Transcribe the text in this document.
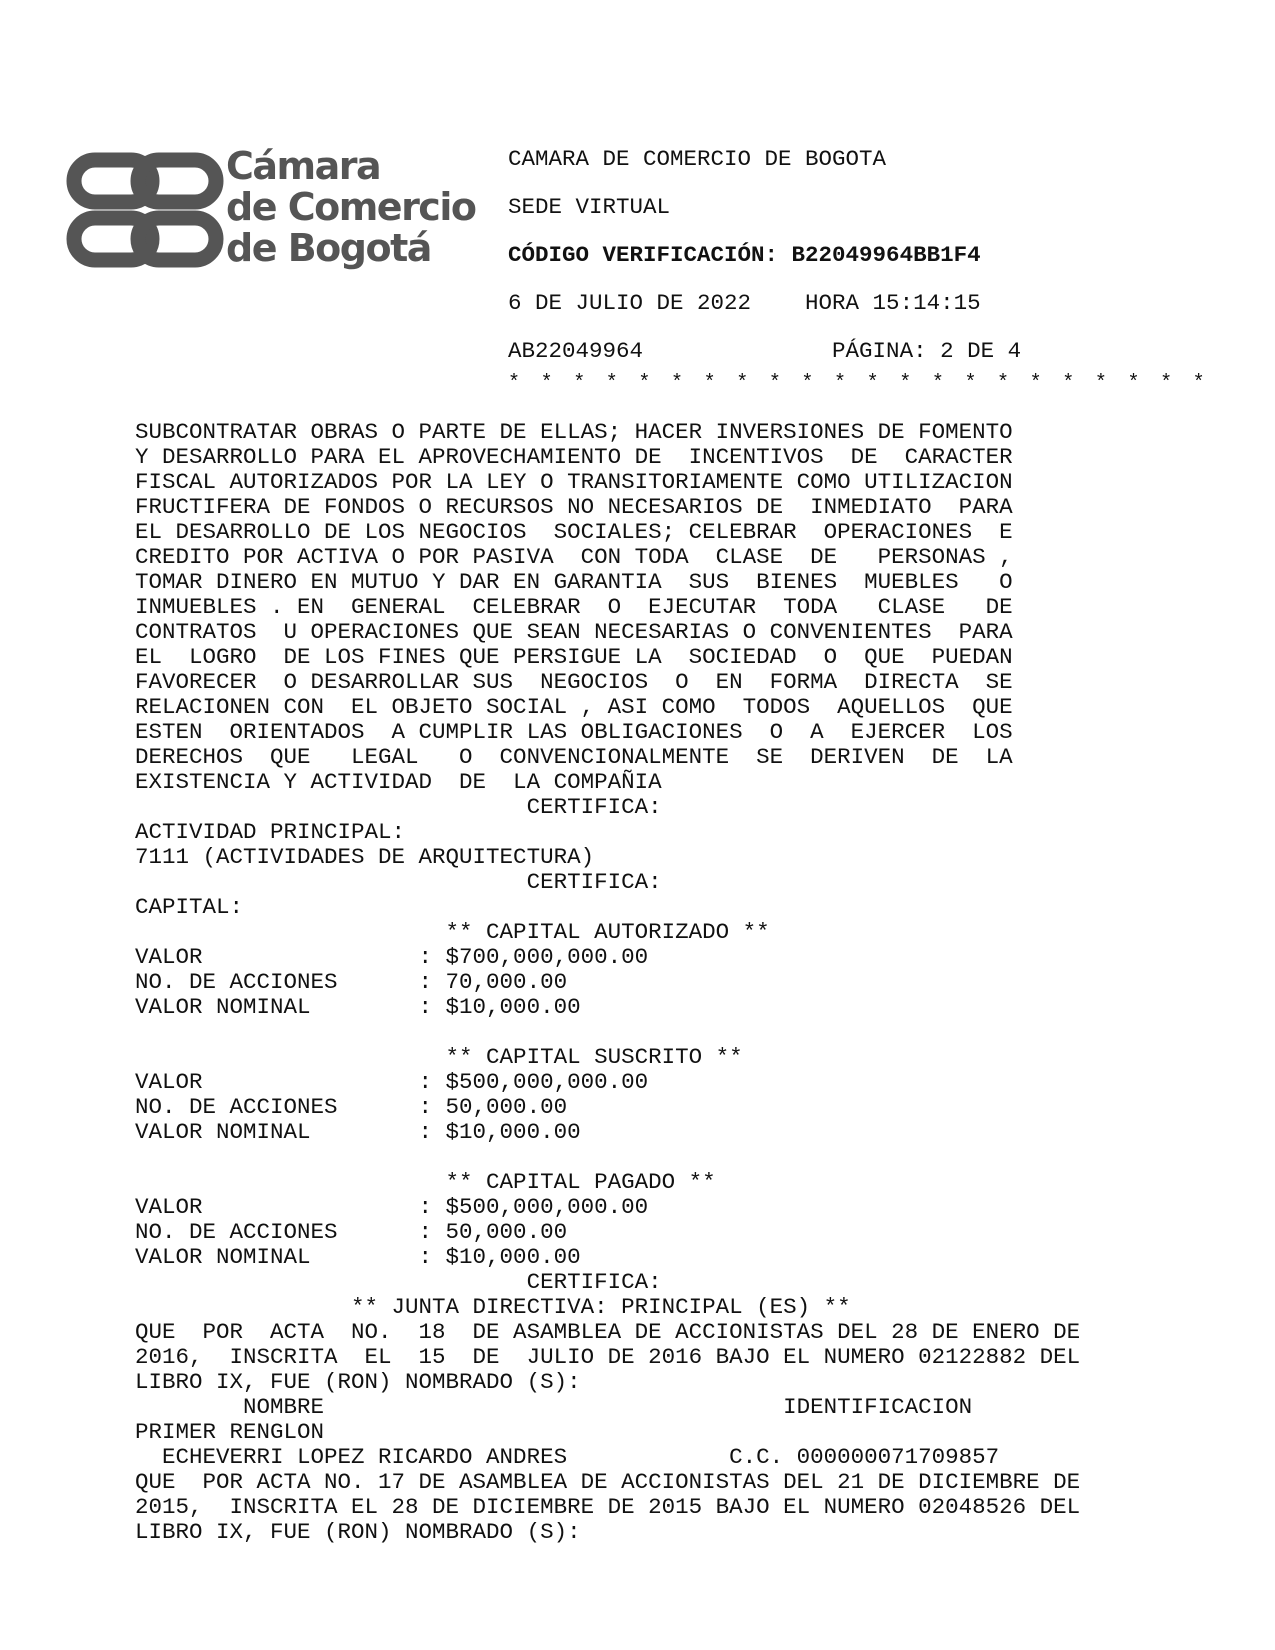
Cámara
de Comercio
de Bogotá

CAMARA DE COMERCIO DE BOGOTA

SEDE VIRTUAL

CÓDIGO VERIFICACIÓN: B22049964BB1F4

6 DE JULIO DE 2022    HORA 15:14:15

AB22049964              PÁGINA: 2 DE 4

* * * * * * * * * * * * * * * * * * * * * *
SUBCONTRATAR OBRAS O PARTE DE ELLAS; HACER INVERSIONES DE FOMENTO
Y DESARROLLO PARA EL APROVECHAMIENTO DE  INCENTIVOS  DE  CARACTER
FISCAL AUTORIZADOS POR LA LEY O TRANSITORIAMENTE COMO UTILIZACION
FRUCTIFERA DE FONDOS O RECURSOS NO NECESARIOS DE  INMEDIATO  PARA
EL DESARROLLO DE LOS NEGOCIOS  SOCIALES; CELEBRAR  OPERACIONES  E
CREDITO POR ACTIVA O POR PASIVA  CON TODA  CLASE  DE   PERSONAS ,
TOMAR DINERO EN MUTUO Y DAR EN GARANTIA  SUS  BIENES  MUEBLES   O
INMUEBLES . EN  GENERAL  CELEBRAR  O  EJECUTAR  TODA   CLASE   DE
CONTRATOS  U OPERACIONES QUE SEAN NECESARIAS O CONVENIENTES  PARA
EL  LOGRO  DE LOS FINES QUE PERSIGUE LA  SOCIEDAD  O  QUE  PUEDAN
FAVORECER  O DESARROLLAR SUS  NEGOCIOS  O  EN  FORMA  DIRECTA  SE
RELACIONEN CON  EL OBJETO SOCIAL , ASI COMO  TODOS  AQUELLOS  QUE
ESTEN  ORIENTADOS  A CUMPLIR LAS OBLIGACIONES  O  A  EJERCER  LOS
DERECHOS  QUE   LEGAL   O  CONVENCIONALMENTE  SE  DERIVEN  DE  LA
EXISTENCIA Y ACTIVIDAD  DE  LA COMPAÑIA
CERTIFICA:
ACTIVIDAD PRINCIPAL:
7111 (ACTIVIDADES DE ARQUITECTURA)
CERTIFICA:
CAPITAL:
** CAPITAL AUTORIZADO **
VALOR                : $700,000,000.00
NO. DE ACCIONES      : 70,000.00
VALOR NOMINAL        : $10,000.00
** CAPITAL SUSCRITO **
VALOR                : $500,000,000.00
NO. DE ACCIONES      : 50,000.00
VALOR NOMINAL        : $10,000.00
** CAPITAL PAGADO **
VALOR                : $500,000,000.00
NO. DE ACCIONES      : 50,000.00
VALOR NOMINAL        : $10,000.00
CERTIFICA:
** JUNTA DIRECTIVA: PRINCIPAL (ES) **
QUE  POR  ACTA  NO.  18  DE ASAMBLEA DE ACCIONISTAS DEL 28 DE ENERO DE
2016,  INSCRITA  EL  15  DE  JULIO DE 2016 BAJO EL NUMERO 02122882 DEL
LIBRO IX, FUE (RON) NOMBRADO (S):
NOMBRE                                  IDENTIFICACION
PRIMER RENGLON
ECHEVERRI LOPEZ RICARDO ANDRES            C.C. 000000071709857
QUE  POR ACTA NO. 17 DE ASAMBLEA DE ACCIONISTAS DEL 21 DE DICIEMBRE DE
2015,  INSCRITA EL 28 DE DICIEMBRE DE 2015 BAJO EL NUMERO 02048526 DEL
LIBRO IX, FUE (RON) NOMBRADO (S):
